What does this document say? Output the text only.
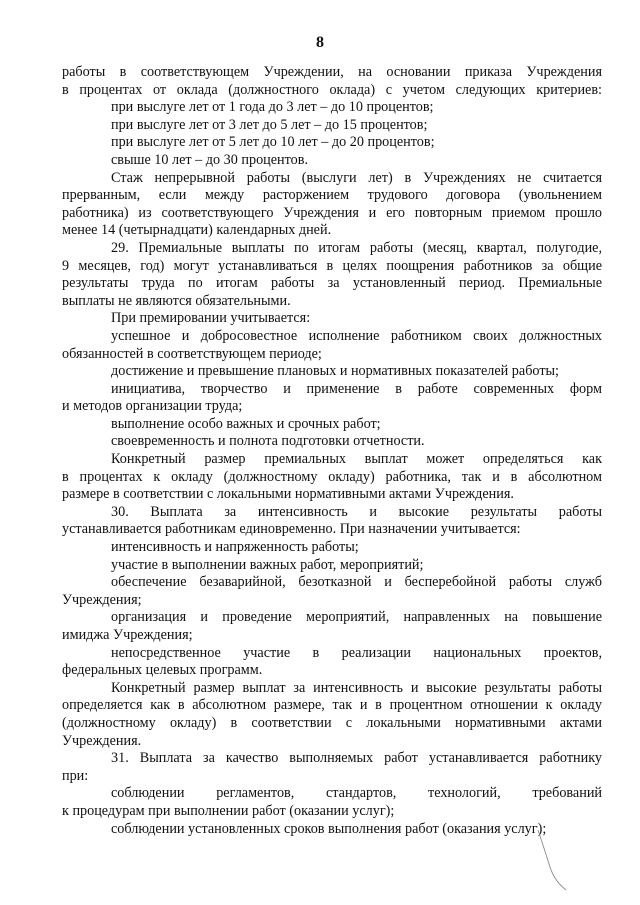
8
работы в соответствующем Учреждении, на основании приказа Учреждения
в процентах от оклада (должностного оклада) с учетом следующих критериев:
при выслуге лет от 1 года до 3 лет – до 10 процентов;
при выслуге лет от 3 лет до 5 лет – до 15 процентов;
при выслуге лет от 5 лет до 10 лет – до 20 процентов;
свыше 10 лет – до 30 процентов.
Стаж непрерывной работы (выслуги лет) в Учреждениях не считается
прерванным, если между расторжением трудового договора (увольнением
работника) из соответствующего Учреждения и его повторным приемом прошло
менее 14 (четырнадцати) календарных дней.
29. Премиальные выплаты по итогам работы (месяц, квартал, полугодие,
9 месяцев, год) могут устанавливаться в целях поощрения работников за общие
результаты труда по итогам работы за установленный период. Премиальные
выплаты не являются обязательными.
При премировании учитывается:
успешное и добросовестное исполнение работником своих должностных
обязанностей в соответствующем периоде;
достижение и превышение плановых и нормативных показателей работы;
инициатива, творчество и применение в работе современных форм
и методов организации труда;
выполнение особо важных и срочных работ;
своевременность и полнота подготовки отчетности.
Конкретный размер премиальных выплат может определяться как
в процентах к окладу (должностному окладу) работника, так и в абсолютном
размере в соответствии с локальными нормативными актами Учреждения.
30. Выплата за интенсивность и высокие результаты работы
устанавливается работникам единовременно. При назначении учитывается:
интенсивность и напряженность работы;
участие в выполнении важных работ, мероприятий;
обеспечение безаварийной, безотказной и бесперебойной работы служб
Учреждения;
организация и проведение мероприятий, направленных на повышение
имиджа Учреждения;
непосредственное участие в реализации национальных проектов,
федеральных целевых программ.
Конкретный размер выплат за интенсивность и высокие результаты работы
определяется как в абсолютном размере, так и в процентном отношении к окладу
(должностному окладу) в соответствии с локальными нормативными актами
Учреждения.
31. Выплата за качество выполняемых работ устанавливается работнику
при:
соблюдении регламентов, стандартов, технологий, требований
к процедурам при выполнении работ (оказании услуг);
соблюдении установленных сроков выполнения работ (оказания услуг);
